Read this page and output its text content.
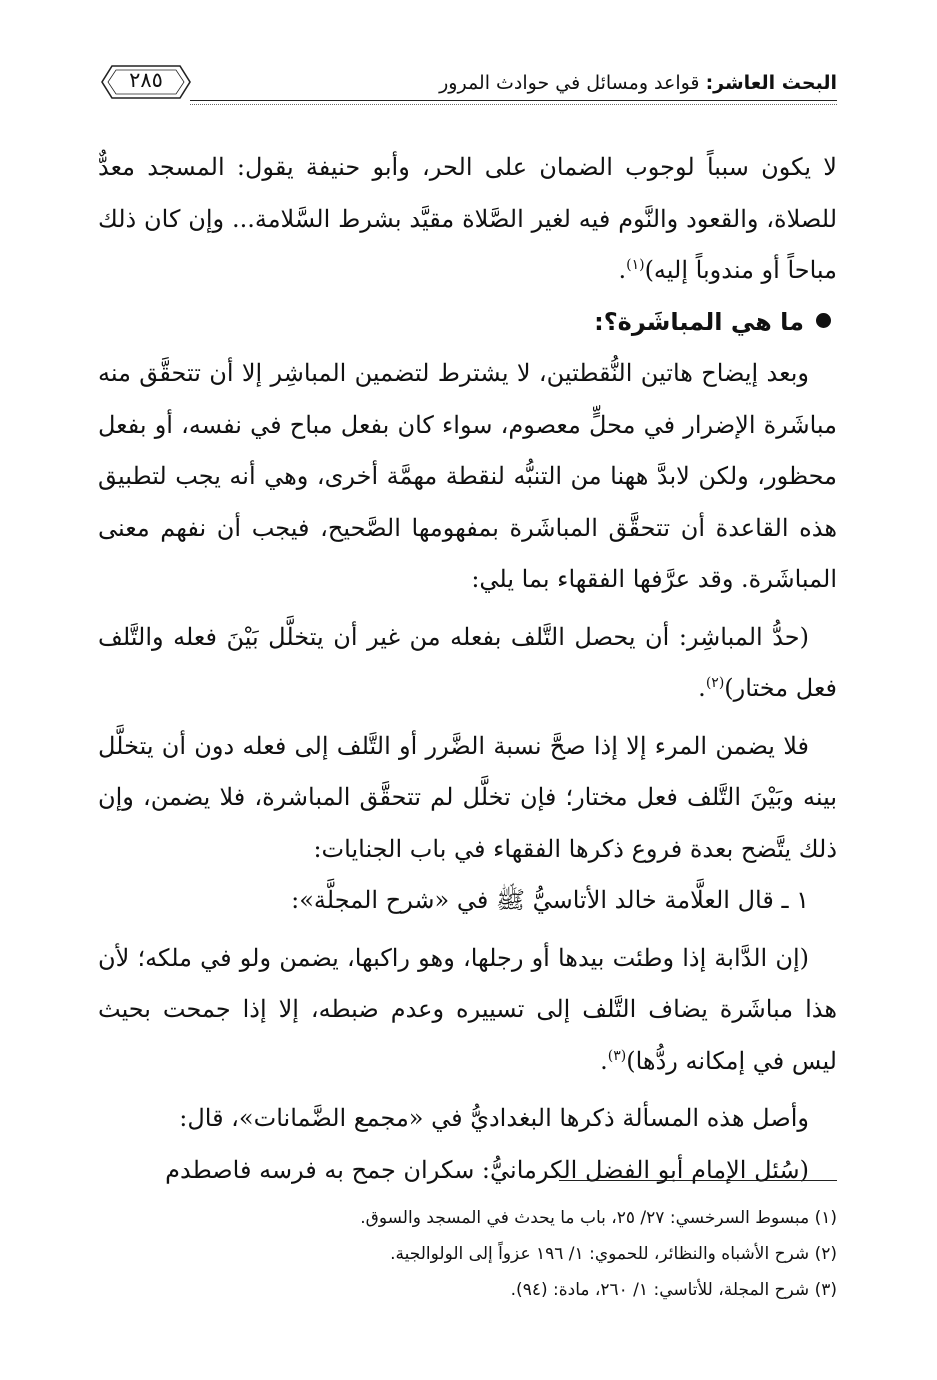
البحث العاشر: قواعد ومسائل في حوادث المرور
٢٨٥

لا يكون سبباً لوجوب الضمان على الحر، وأبو حنيفة يقول: المسجد معدٌّ للصلاة، والقعود والنَّوم فيه لغير الصَّلاة مقيَّد بشرط السَّلامة... وإن كان ذلك مباحاً أو مندوباً إليه)$^{(١)}$.

ما هي المباشَرة؟:

وبعد إيضاح هاتين النُّقطتين، لا يشترط لتضمين المباشِر إلا أن تتحقَّق منه مباشَرة الإضرار في محلٍّ معصوم، سواء كان بفعل مباح في نفسه، أو بفعل محظور، ولكن لابدَّ ههنا من التنبُّه لنقطة مهمَّة أخرى، وهي أنه يجب لتطبيق هذه القاعدة أن تتحقَّق المباشَرة بمفهومها الصَّحيح، فيجب أن نفهم معنى المباشَرة. وقد عرَّفها الفقهاء بما يلي:

(حدُّ المباشِر: أن يحصل التَّلف بفعله من غير أن يتخلَّل بَيْنَ فعله والتَّلف فعل مختار)$^{(٢)}$.

فلا يضمن المرء إلا إذا صحَّ نسبة الضَّرر أو التَّلف إلى فعله دون أن يتخلَّل بينه وبَيْنَ التَّلف فعل مختار؛ فإن تخلَّل لم تتحقَّق المباشرة، فلا يضمن، وإن ذلك يتَّضح بعدة فروع ذكرها الفقهاء في باب الجنايات:

١ ـ قال العلَّامة خالد الأتاسيُّ ﷺ في «شرح المجلَّة»:

(إن الدَّابة إذا وطئت بيدها أو رجلها، وهو راكبها، يضمن ولو في ملكه؛ لأن هذا مباشَرة يضاف التَّلف إلى تسييره وعدم ضبطه، إلا إذا جمحت بحيث ليس في إمكانه ردُّها)$^{(٣)}$.

وأصل هذه المسألة ذكرها البغداديُّ في «مجمع الضَّمانات»، قال:

(سُئل الإمام أبو الفضل الكرمانيُّ: سكران جمح به فرسه فاصطدم

(١) مبسوط السرخسي: ٢٧/ ٢٥، باب ما يحدث في المسجد والسوق.

(٢) شرح الأشباه والنظائر، للحموي: ١/ ١٩٦ عزواً إلى الولوالجية.

(٣) شرح المجلة، للأتاسي: ١/ ٢٦٠، مادة: (٩٤).
